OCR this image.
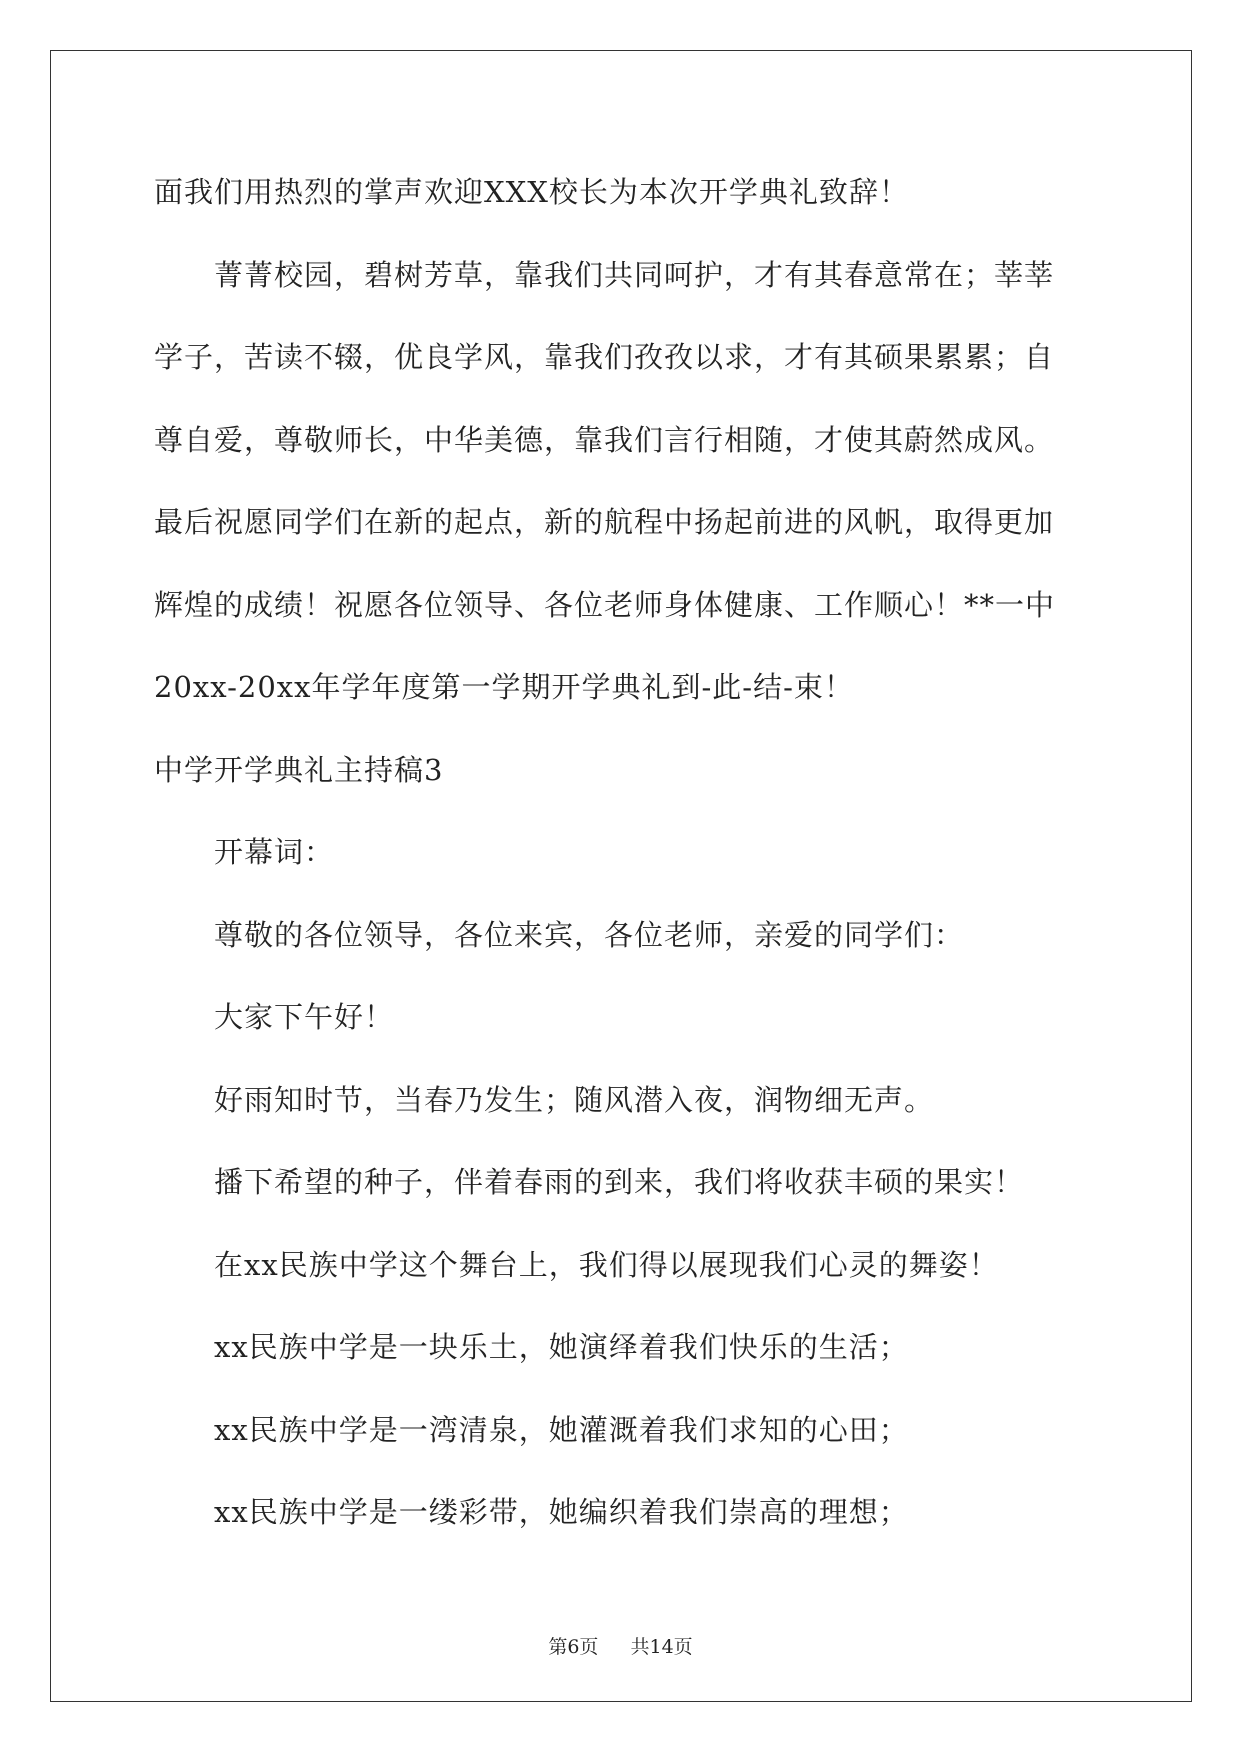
面我们用热烈的掌声欢迎XXX校长为本次开学典礼致辞！
菁菁校园，碧树芳草，靠我们共同呵护，才有其春意常在；莘莘
学子，苦读不辍，优良学风，靠我们孜孜以求，才有其硕果累累；自
尊自爱，尊敬师长，中华美德，靠我们言行相随，才使其蔚然成风。
最后祝愿同学们在新的起点，新的航程中扬起前进的风帆，取得更加
辉煌的成绩！祝愿各位领导、各位老师身体健康、工作顺心！**一中
20xx-20xx年学年度第一学期开学典礼到-此-结-束！
中学开学典礼主持稿3
开幕词：
尊敬的各位领导，各位来宾，各位老师，亲爱的同学们：
大家下午好！
好雨知时节，当春乃发生；随风潜入夜，润物细无声。
播下希望的种子，伴着春雨的到来，我们将收获丰硕的果实！
在xx民族中学这个舞台上，我们得以展现我们心灵的舞姿！
xx民族中学是一块乐土，她演绎着我们快乐的生活；
xx民族中学是一湾清泉，她灌溉着我们求知的心田；
xx民族中学是一缕彩带，她编织着我们崇高的理想；
第6页 共14页
